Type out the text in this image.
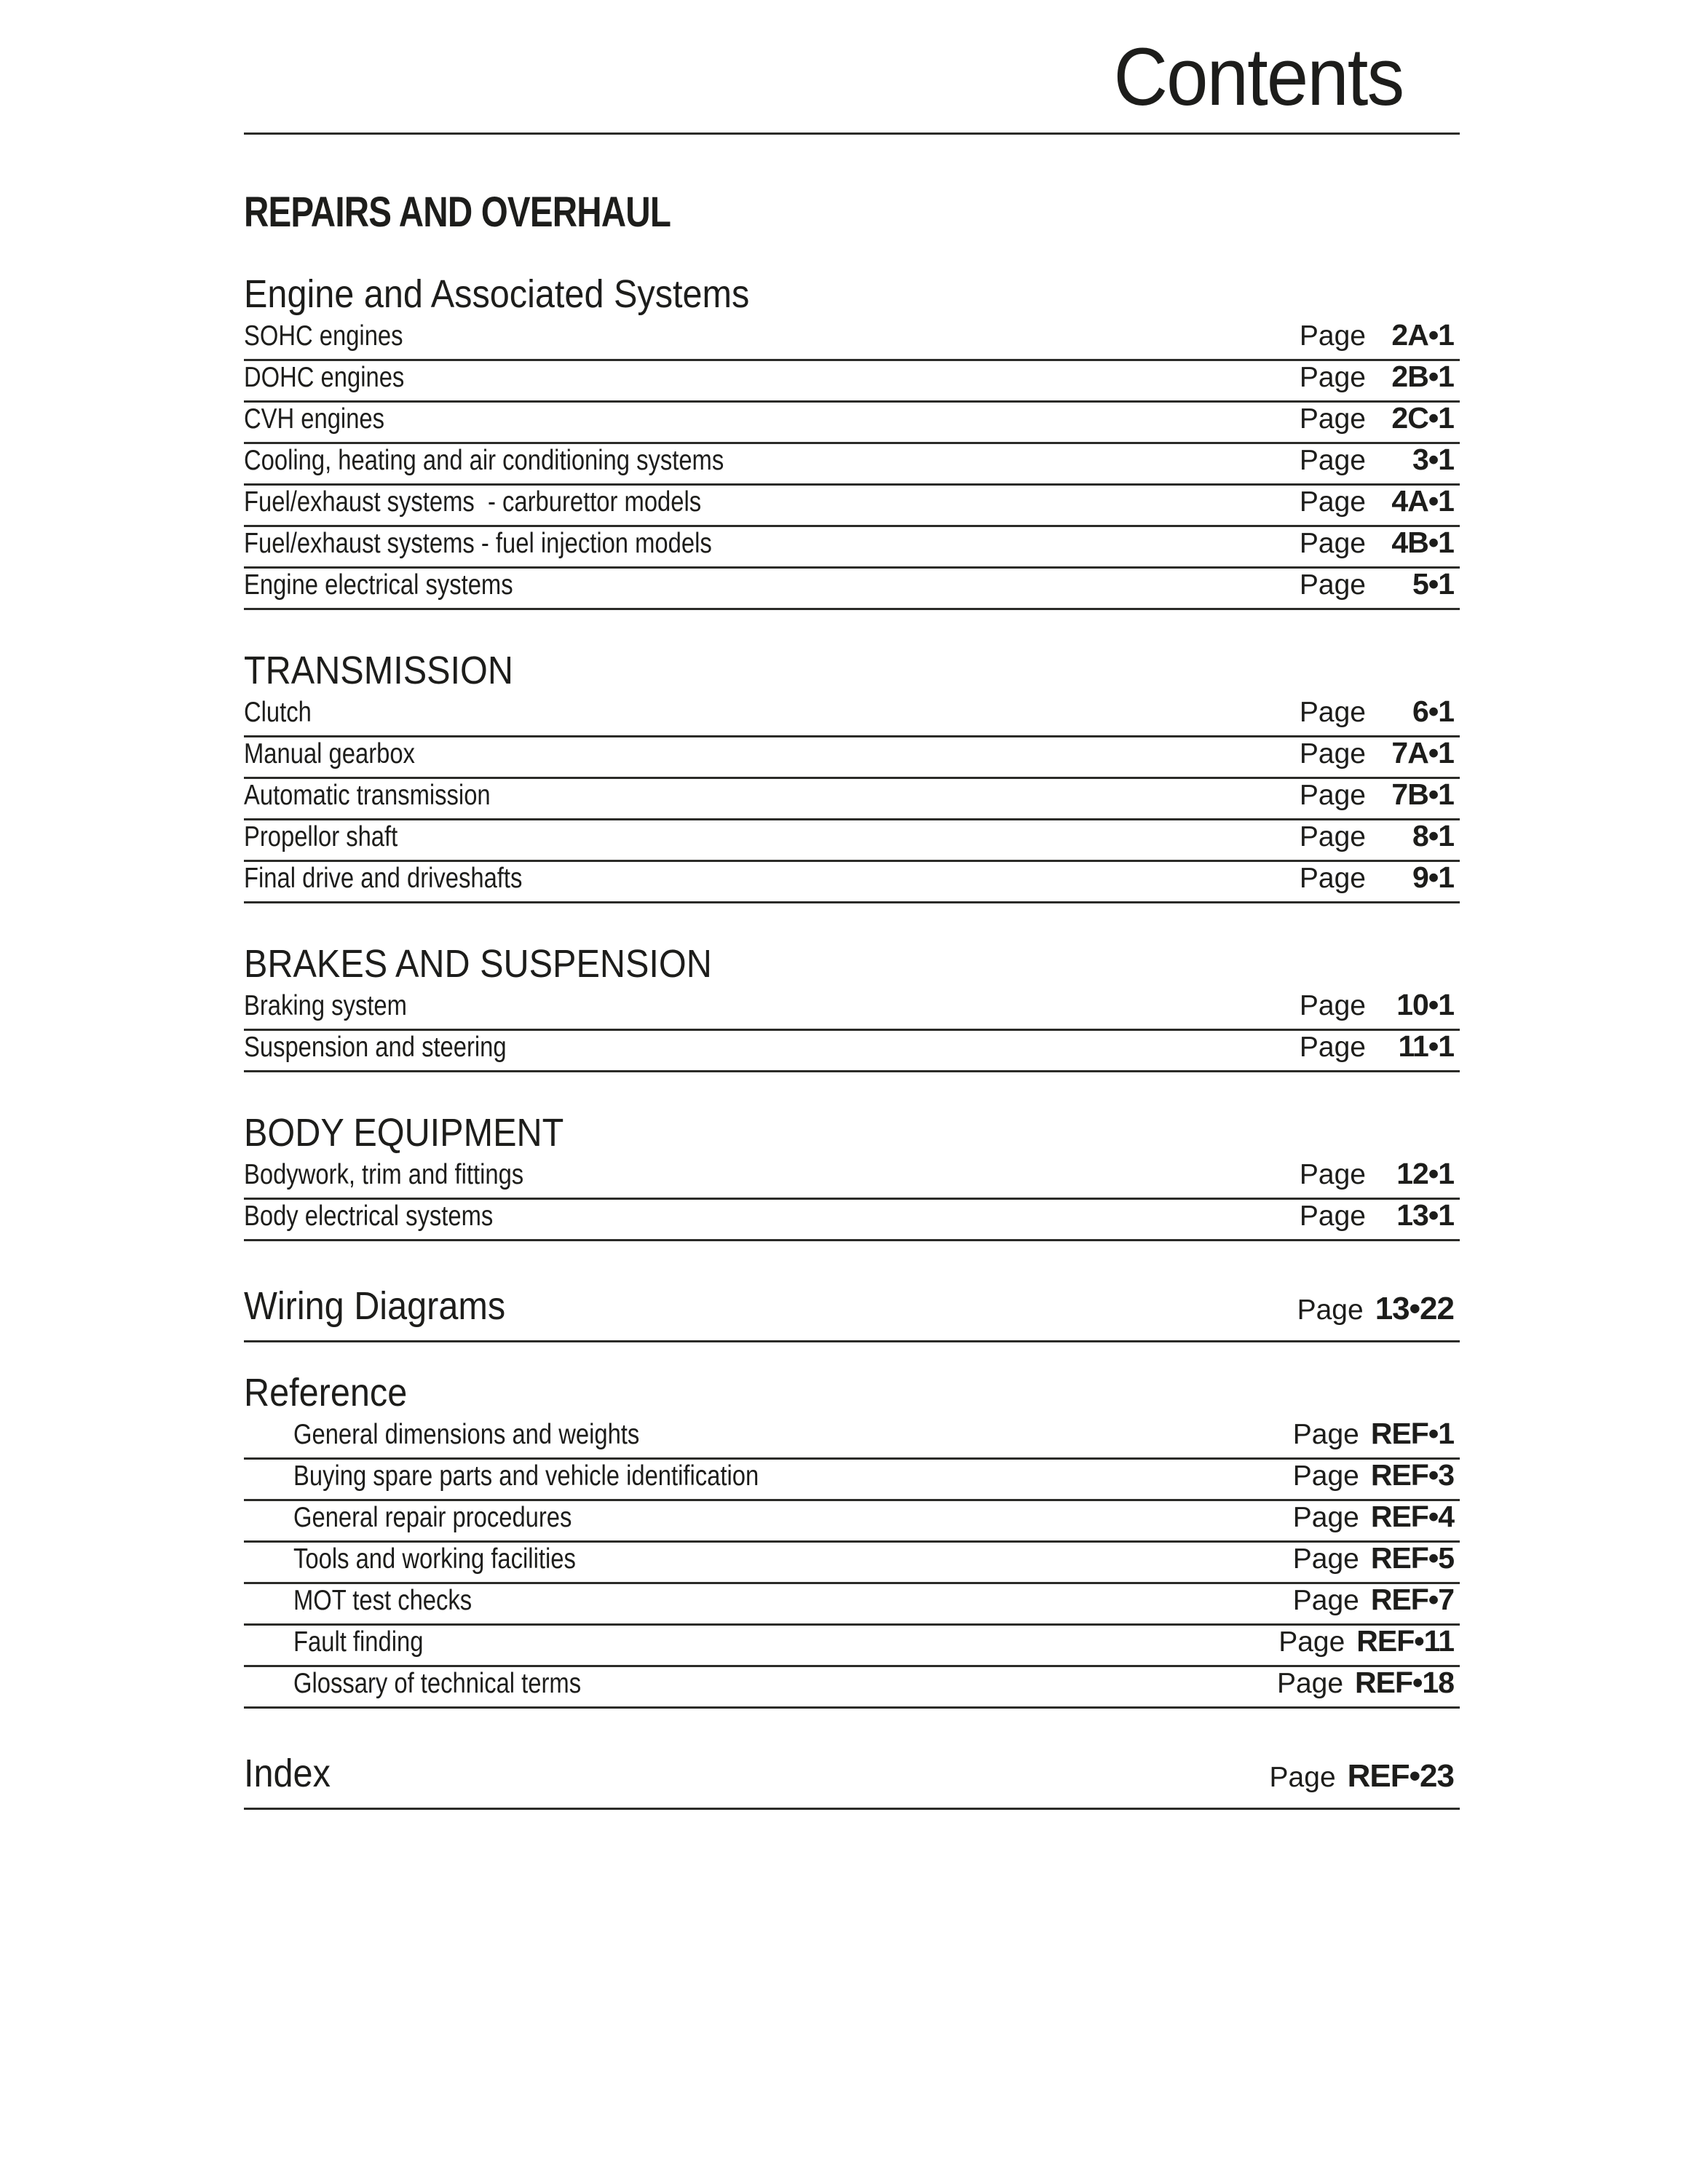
Contents
REPAIRS AND OVERHAUL
Engine and Associated Systems
SOHC engines	Page 2A•1
DOHC engines	Page 2B•1
CVH engines	Page 2C•1
Cooling, heating and air conditioning systems	Page	3•1
Fuel/exhaust systems  - carburettor models	Page 4A•1
Fuel/exhaust systems - fuel injection models	Page 4B•1
Engine electrical systems	Page	5•1
TRANSMISSION
Clutch	Page	6•1
Manual gearbox	Page 7A•1
Automatic transmission	Page 7B•1
Propellor shaft	Page	8•1
Final drive and driveshafts	Page	9•1
BRAKES AND SUSPENSION
Braking system	Page	10•1
Suspension and steering	Page	11•1
BODY EQUIPMENT
Bodywork, trim and fittings	Page	12•1
Body electrical systems	Page	13•1
Wiring Diagrams	Page 13•22
Reference
General dimensions and weights	Page REF•1
Buying spare parts and vehicle identification	Page REF•3
General repair procedures	Page REF•4
Tools and working facilities	Page REF•5
MOT test checks	Page REF•7
Fault finding	Page REF•11
Glossary of technical terms	Page REF•18
Index	Page REF•23
